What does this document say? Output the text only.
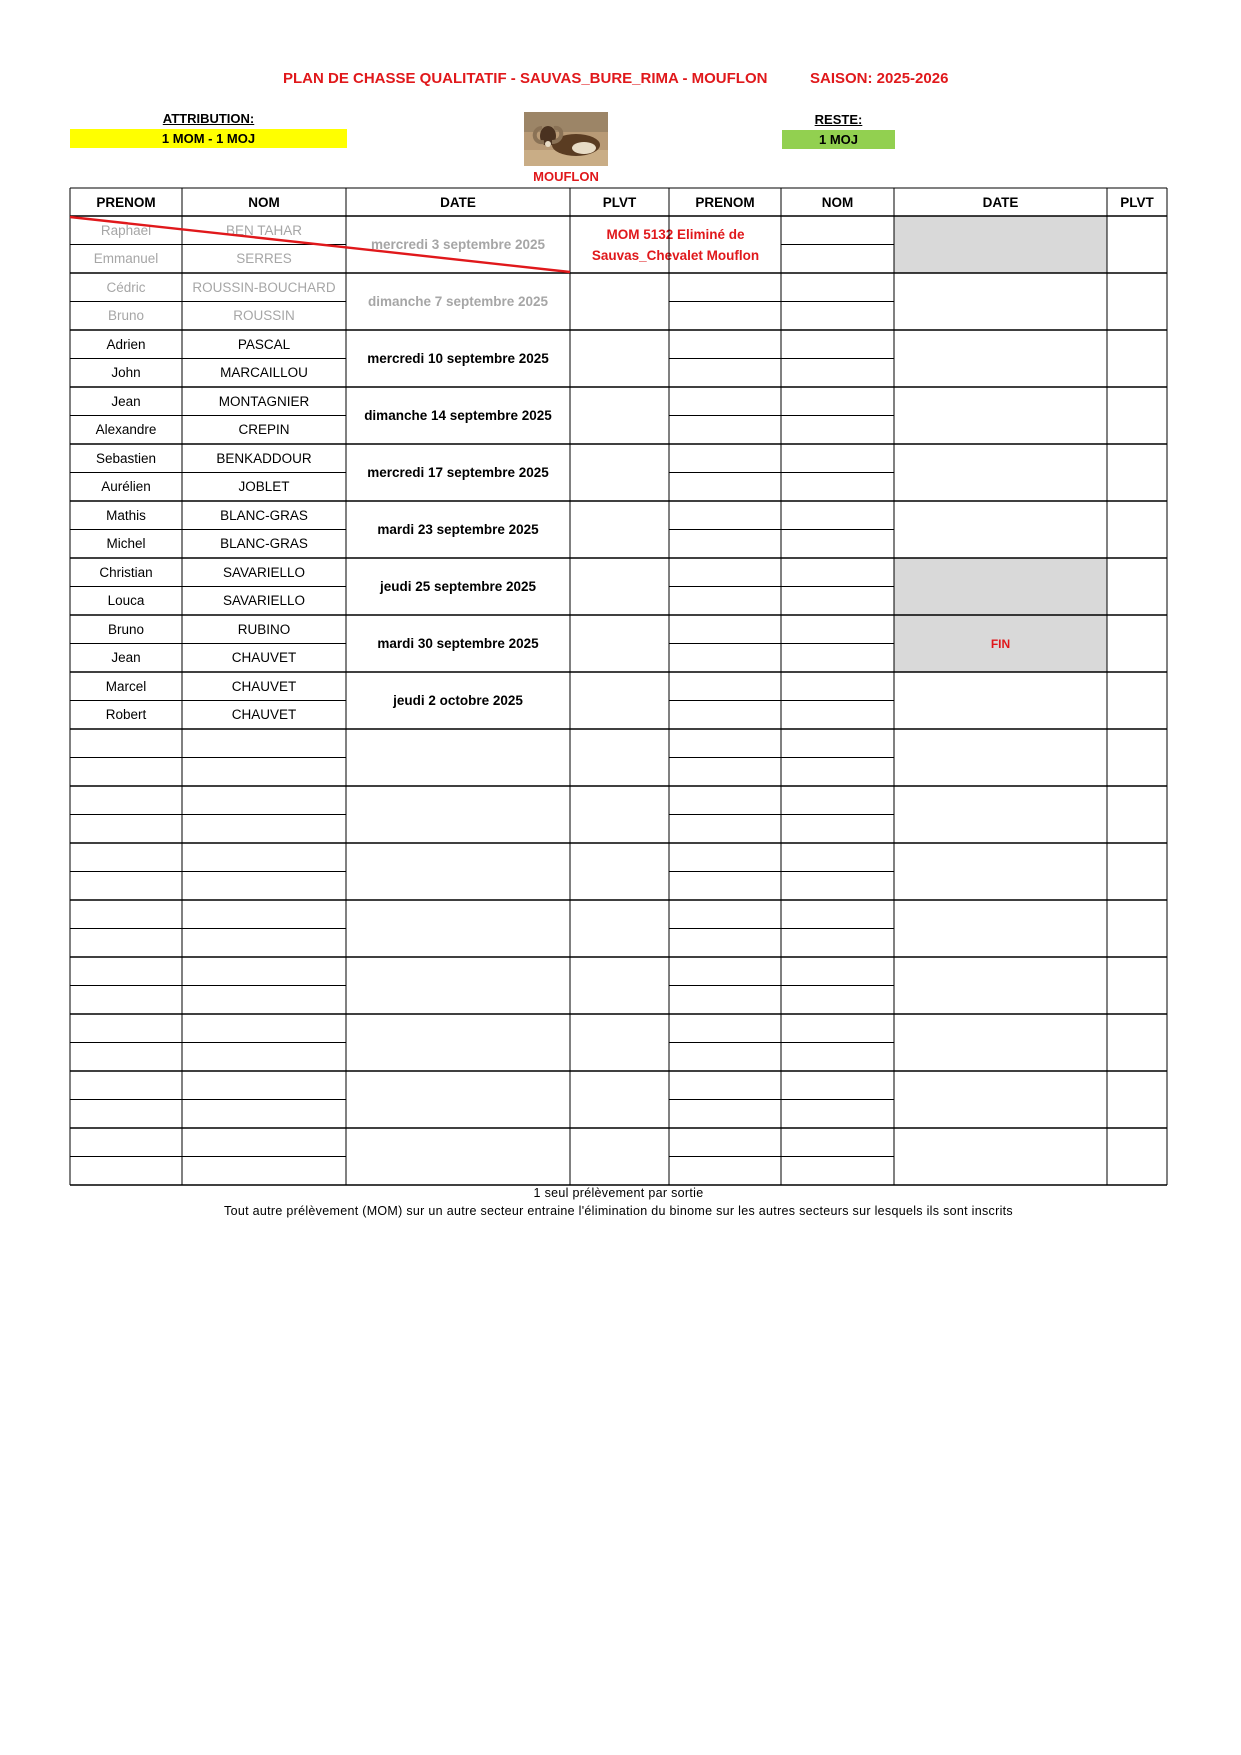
PLAN DE CHASSE QUALITATIF - SAUVAS_BURE_RIMA - MOUFLON	SAISON: 2025-2026
ATTRIBUTION:
1 MOM - 1 MOJ
MOUFLON
RESTE:
1 MOJ
PRENOM	NOM	DATE	PLVT	PRENOM	NOM	DATE	PLVT
Raphael	BEN TAHAR
Emmanuel	SERRES
mercredi 3 septembre 2025
MOM 5132 Eliminé de Sauvas_Chevalet Mouflon
Cédric	ROUSSIN-BOUCHARD
Bruno	ROUSSIN
dimanche 7 septembre 2025
Adrien	PASCAL
John	MARCAILLOU
mercredi 10 septembre 2025
Jean	MONTAGNIER
Alexandre	CREPIN
dimanche 14 septembre 2025
Sebastien	BENKADDOUR
Aurélien	JOBLET
mercredi 17 septembre 2025
Mathis	BLANC-GRAS
Michel	BLANC-GRAS
mardi 23 septembre 2025
Christian	SAVARIELLO
Louca	SAVARIELLO
jeudi 25 septembre 2025
Bruno	RUBINO
Jean	CHAUVET
mardi 30 septembre 2025	FIN
Marcel	CHAUVET
Robert	CHAUVET
jeudi 2 octobre 2025
1 seul prélèvement par sortie
Tout autre prélèvement (MOM) sur un autre secteur entraine l'élimination du binome sur les autres secteurs sur lesquels ils sont inscrits
